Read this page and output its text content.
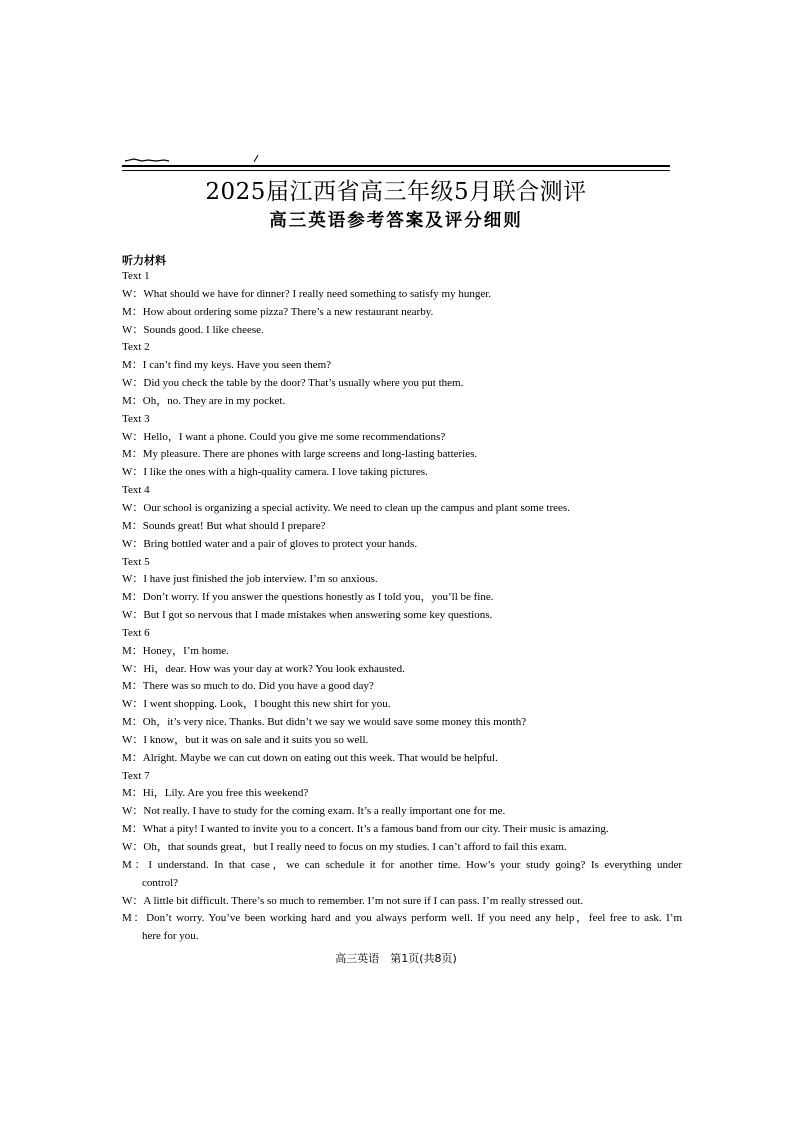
2025届江西省高三年级5月联合测评
高三英语参考答案及评分细则
听力材料
Text 1
W：What should we have for dinner? I really need something to satisfy my hunger.
M：How about ordering some pizza? There’s a new restaurant nearby.
W：Sounds good. I like cheese.
Text 2
M：I can’t find my keys. Have you seen them?
W：Did you check the table by the door? That’s usually where you put them.
M：Oh，no. They are in my pocket.
Text 3
W：Hello，I want a phone. Could you give me some recommendations?
M：My pleasure. There are phones with large screens and long-lasting batteries.
W：I like the ones with a high-quality camera. I love taking pictures.
Text 4
W：Our school is organizing a special activity. We need to clean up the campus and plant some trees.
M：Sounds great! But what should I prepare?
W：Bring bottled water and a pair of gloves to protect your hands.
Text 5
W：I have just finished the job interview. I’m so anxious.
M：Don’t worry. If you answer the questions honestly as I told you，you’ll be fine.
W：But I got so nervous that I made mistakes when answering some key questions.
Text 6
M：Honey，I’m home.
W：Hi，dear. How was your day at work? You look exhausted.
M：There was so much to do. Did you have a good day?
W：I went shopping. Look，I bought this new shirt for you.
M：Oh，it’s very nice. Thanks. But didn’t we say we would save some money this month?
W：I know，but it was on sale and it suits you so well.
M：Alright. Maybe we can cut down on eating out this week. That would be helpful.
Text 7
M：Hi，Lily. Are you free this weekend?
W：Not really. I have to study for the coming exam. It’s a really important one for me.
M：What a pity! I wanted to invite you to a concert. It’s a famous band from our city. Their music is amazing.
W：Oh，that sounds great，but I really need to focus on my studies. I can’t afford to fail this exam.
M：I understand. In that case，we can schedule it for another time. How’s your study going? Is everything under
control?
W：A little bit difficult. There’s so much to remember. I’m not sure if I can pass. I’m really stressed out.
M：Don’t worry. You’ve been working hard and you always perform well. If you need any help，feel free to ask. I’m
here for you.
高三英语　第1页(共8页)
